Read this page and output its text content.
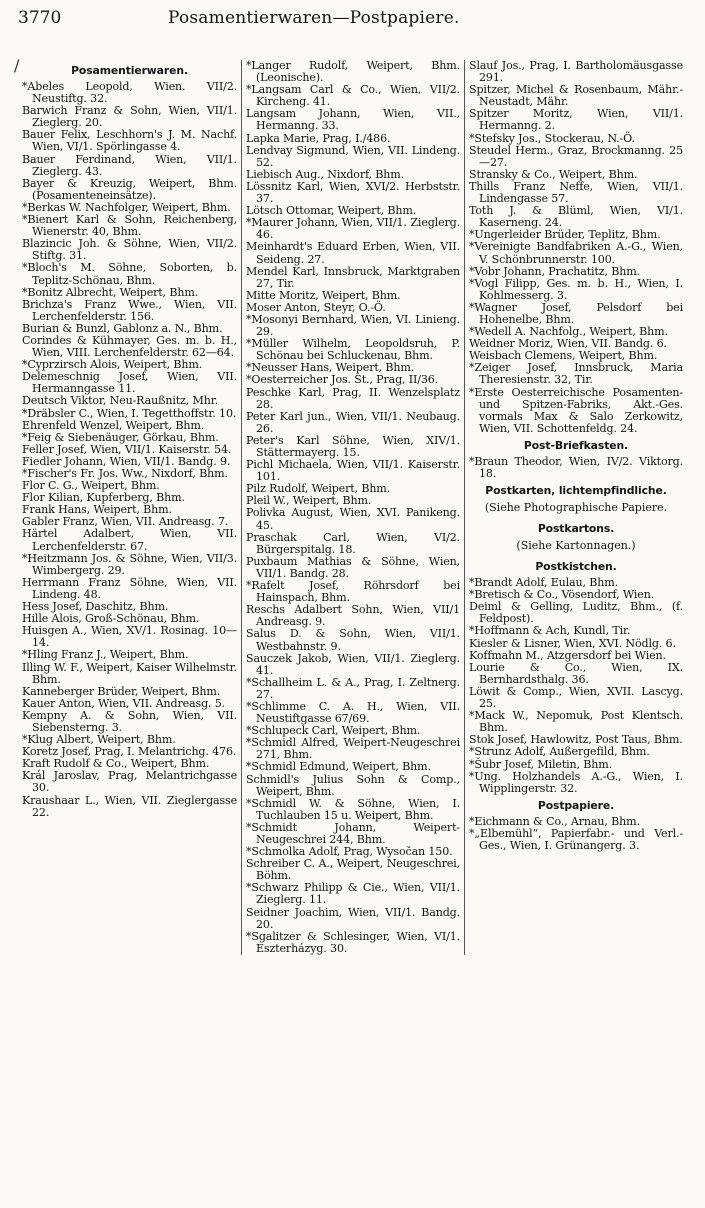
3770	Posamentierwaren—Postpapiere.
/	Posamentierwaren.
*Abeles Leopold, Wien. VII/2. Neustiftg. 32.
Barwich Franz & Sohn, Wien, VII/1. Zieglerg. 20.
Bauer Felix, Leschhorn's J. M. Nachf. Wien, VI/1. Spörlingasse 4.
Bauer Ferdinand, Wien, VII/1. Zieglerg. 43.
Bayer & Kreuzig, Weipert, Bhm. (Posamenteneinsätze).
*Berkas W. Nachfolger, Weipert, Bhm.
*Bienert Karl & Sohn, Reichenberg, Wienerstr. 40, Bhm.
Blazincic Joh. & Söhne, Wien, VII/2. Stiftg. 31.
*Bloch's M. Söhne, Soborten, b. Teplitz-Schönau, Bhm.
*Bonitz Albrecht, Weipert, Bhm.
Brichza's Franz Wwe., Wien, VII. Lerchenfelderstr. 156.
Burian & Bunzl, Gablonz a. N., Bhm.
Corindes & Kühmayer, Ges. m. b. H., Wien, VIII. Lerchenfelderstr. 62—64.
*Cyprzirsch Alois, Weipert, Bhm.
Delemeschnig Josef, Wien, VII. Hermanngasse 11.
Deutsch Viktor, Neu-Raußnitz, Mhr.
*Dräbsler C., Wien, I. Tegetthoffstr. 10.
Ehrenfeld Wenzel, Weipert, Bhm.
*Feig & Siebenäuger, Görkau, Bhm.
Feller Josef, Wien, VII/1. Kaiserstr. 54.
Fiedler Johann, Wien, VII/1. Bandg. 9.
*Fischer's Fr. Jos. Ww., Nixdorf, Bhm.
Flor C. G., Weipert, Bhm.
Flor Kilian, Kupferberg, Bhm.
Frank Hans, Weipert, Bhm.
Gabler Franz, Wien, VII. Andreasg. 7.
Härtel Adalbert, Wien, VII. Lerchenfelderstr. 67.
*Heitzmann Jos. & Söhne, Wien, VII/3. Wimbergerg. 29.
Herrmann Franz Söhne, Wien, VII. Lindeng. 48.
Hess Josef, Daschitz, Bhm.
Hille Alois, Groß-Schönau, Bhm.
Huisgen A., Wien, XV/1. Rosinag. 10—14.
*Hling Franz J., Weipert, Bhm.
Illing W. F., Weipert, Kaiser Wilhelmstr. Bhm.
Kanneberger Brüder, Weipert, Bhm.
Kauer Anton, Wien, VII. Andreasg. 5.
Kempny A. & Sohn, Wien, VII. Siebensterng. 3.
*Klug Albert, Weipert, Bhm.
Koretz Josef, Prag, I. Melantrichg. 476.
Kraft Rudolf & Co., Weipert, Bhm.
Král Jaroslav, Prag, Melantrichgasse 30.
Kraushaar L., Wien, VII. Zieglergasse 22.
*Langer Rudolf, Weipert, Bhm. (Leonische).
*Langsam Carl & Co., Wien, VII/2. Kircheng. 41.
Langsam Johann, Wien, VII., Hermanng. 33.
Lapka Marie, Prag, I./486.
Lendvay Sigmund, Wien, VII. Lindeng. 52.
Liebisch Aug., Nixdorf, Bhm.
Lössnitz Karl, Wien, XVI/2. Herbststr. 37.
Lötsch Ottomar, Weipert, Bhm.
*Maurer Johann, Wien, VII/1. Zieglerg. 46.
Meinhardt's Eduard Erben, Wien, VII. Seideng. 27.
Mendel Karl, Innsbruck, Marktgraben 27, Tir.
Mitte Moritz, Weipert, Bhm.
Moser Anton, Steyr, O.-Ö.
*Mosonyi Bernhard, Wien, VI. Linieng. 29.
*Müller Wilhelm, Leopoldsruh, P. Schönau bei Schluckenau, Bhm.
*Neusser Hans, Weipert, Bhm.
*Oesterreicher Jos. St., Prag, II/36.
Peschke Karl, Prag, II. Wenzelsplatz 28.
Peter Karl jun., Wien, VII/1. Neubaug. 26.
Peter's Karl Söhne, Wien, XIV/1. Stättermayerg. 15.
Pichl Michaela, Wien, VII/1. Kaiserstr. 101.
Pilz Rudolf, Weipert, Bhm.
Pleil W., Weipert, Bhm.
Polivka August, Wien, XVI. Panikeng. 45.
Praschak Carl, Wien, VI/2. Bürgerspitalg. 18.
Puxbaum Mathias & Söhne, Wien, VII/1. Bandg. 28.
*Rafelt Josef, Röhrsdorf bei Hainspach, Bhm.
Reschs Adalbert Sohn, Wien, VII/1 Andreasg. 9.
Salus D. & Sohn, Wien, VII/1. Westbahnstr. 9.
Sauczek Jakob, Wien, VII/1. Zieglerg. 41.
*Schallheim L. & A., Prag, I. Zeltnerg. 27.
*Schlimme C. A. H., Wien, VII. Neustiftgasse 67/69.
*Schlupeck Carl, Weipert, Bhm.
*Schmidl Alfred, Weipert-Neugeschrei 271, Bhm.
*Schmidl Edmund, Weipert, Bhm.
Schmidl's Julius Sohn & Comp., Weipert, Bhm.
*Schmidl W. & Söhne, Wien, I. Tuchlauben 15 u. Weipert, Bhm.
*Schmidt Johann, Weipert-Neugeschrei 244, Bhm.
*Schmolka Adolf, Prag, Wysočan 150.
Schreiber C. A., Weipert, Neugeschrei, Böhm.
*Schwarz Philipp & Cie., Wien, VII/1. Zieglerg. 11.
Seidner Joachim, Wien, VII/1. Bandg. 20.
*Sgalitzer & Schlesinger, Wien, VI/1. Eszterházyg. 30.
Slauf Jos., Prag, I. Bartholomäusgasse 291.
Spitzer, Michel & Rosenbaum, Mähr.-Neustadt, Mähr.
Spitzer Moritz, Wien, VII/1. Hermanng. 2.
*Stefsky Jos., Stockerau, N.-Ö.
Steudel Herm., Graz, Brockmanng. 25—27.
Stransky & Co., Weipert, Bhm.
Thills Franz Neffe, Wien, VII/1. Lindengasse 57.
Toth J. & Blüml, Wien, VI/1. Kaserneng. 24.
*Ungerleider Brüder, Teplitz, Bhm.
*Vereinigte Bandfabriken A.-G., Wien, V. Schönbrunnerstr. 100.
*Vobr Johann, Prachatitz, Bhm.
*Vogl Filipp, Ges. m. b. H., Wien, I. Kohlmesserg. 3.
*Wagner Josef, Pelsdorf bei Hohenelbe, Bhm.
*Wedell A. Nachfolg., Weipert, Bhm.
Weidner Moriz, Wien, VII. Bandg. 6.
Weisbach Clemens, Weipert, Bhm.
*Zeiger Josef, Innsbruck, Maria Theresienstr. 32, Tir.
*Erste Oesterreichische Posamenten- und Spitzen-Fabriks, Akt.-Ges. vormals Max & Salo Zerkowitz, Wien, VII. Schottenfeldg. 24.
Post-Briefkasten.
*Braun Theodor, Wien, IV/2. Viktorg. 18.
Postkarten, lichtempfindliche.
(Siehe Photographische Papiere.
Postkartons.
(Siehe Kartonnagen.)
Postkistchen.
*Brandt Adolf, Eulau, Bhm.
*Bretisch & Co., Vösendorf, Wien.
Deiml & Gelling, Luditz, Bhm., (f. Feldpost).
*Hoffmann & Ach, Kundl, Tir.
Kiesler & Lisner, Wien, XVI. Nödlg. 6.
Koffmahn M., Atzgersdorf bei Wien.
Lourie & Co., Wien, IX. Bernhardsthalg. 36.
Löwit & Comp., Wien, XVII. Lascyg. 25.
*Mack W., Nepomuk, Post Klentsch. Bhm.
Stok Josef, Hawlowitz, Post Taus, Bhm.
*Strunz Adolf, Außergefild, Bhm.
*Šubr Josef, Miletin, Bhm.
*Ung. Holzhandels A.-G., Wien, I. Wipplingerstr. 32.
Postpapiere.
*Eichmann & Co., Arnau, Bhm.
*„Elbemühl“, Papierfabr.- und Verl.-Ges., Wien, I. Grünangerg. 3.
